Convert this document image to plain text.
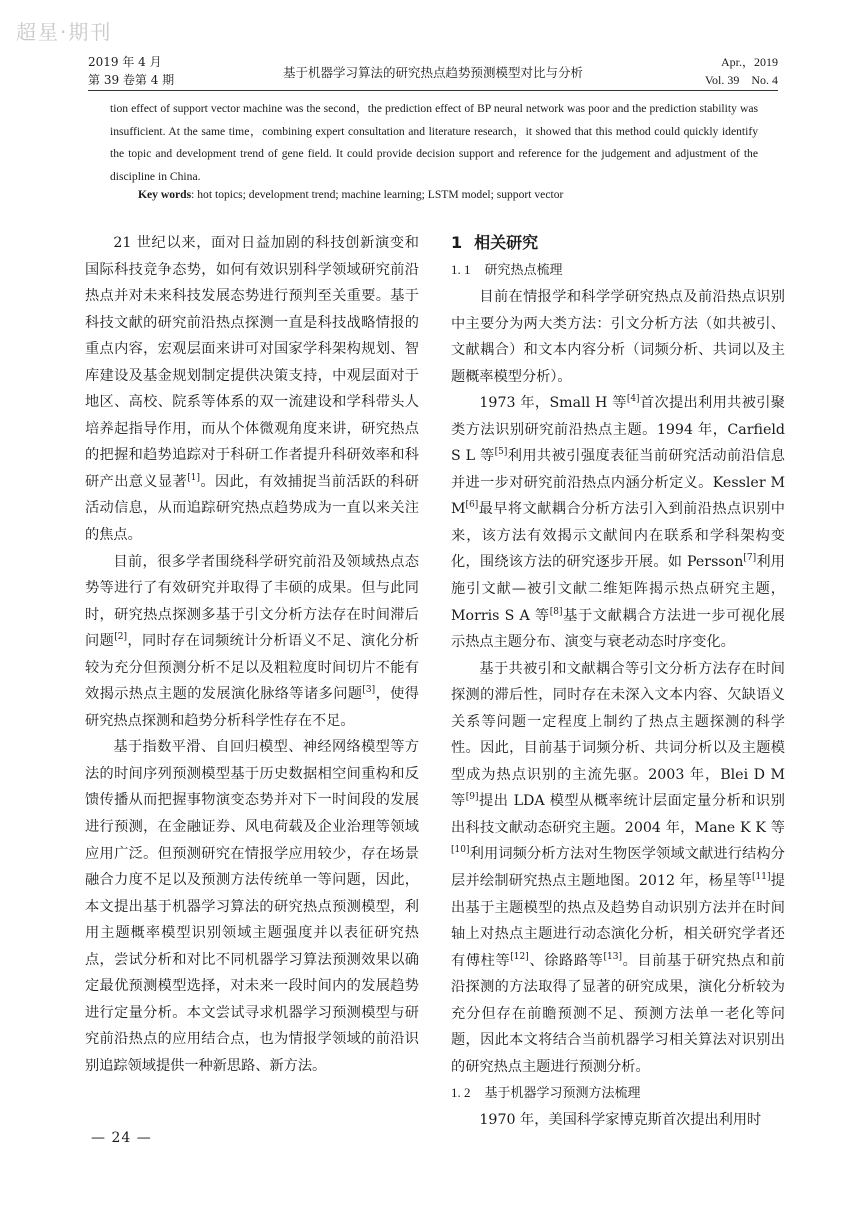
超星·期刊
2019 年 4 月
第 39 卷第 4 期	基于机器学习算法的研究热点趋势预测模型对比与分析
Apr.，2019
Vol. 39　No. 4

tion effect of support vector machine was the second，the prediction effect of BP neural network was poor and the prediction stability was insufficient. At the same time，combining expert consultation and literature research，it showed that this method could quickly identify the topic and development trend of gene field. It could provide decision support and reference for the judgement and adjustment of the discipline in China.

Key words: hot topics; development trend; machine learning; LSTM model; support vector

21 世纪以来，面对日益加剧的科技创新演变和国际科技竞争态势，如何有效识别科学领域研究前沿热点并对未来科技发展态势进行预判至关重要。基于科技文献的研究前沿热点探测一直是科技战略情报的重点内容，宏观层面来讲可对国家学科架构规划、智库建设及基金规划制定提供决策支持，中观层面对于地区、高校、院系等体系的双一流建设和学科带头人培养起指导作用，而从个体微观角度来讲，研究热点的把握和趋势追踪对于科研工作者提升科研效率和科研产出意义显著[1]。因此，有效捕捉当前活跃的科研活动信息，从而追踪研究热点趋势成为一直以来关注的焦点。

目前，很多学者围绕科学研究前沿及领域热点态势等进行了有效研究并取得了丰硕的成果。但与此同时，研究热点探测多基于引文分析方法存在时间滞后问题[2]，同时存在词频统计分析语义不足、演化分析较为充分但预测分析不足以及粗粒度时间切片不能有效揭示热点主题的发展演化脉络等诸多问题[3]，使得研究热点探测和趋势分析科学性存在不足。

基于指数平滑、自回归模型、神经网络模型等方法的时间序列预测模型基于历史数据相空间重构和反馈传播从而把握事物演变态势并对下一时间段的发展进行预测，在金融证券、风电荷载及企业治理等领域应用广泛。但预测研究在情报学应用较少，存在场景融合力度不足以及预测方法传统单一等问题，因此，本文提出基于机器学习算法的研究热点预测模型，利用主题概率模型识别领域主题强度并以表征研究热点，尝试分析和对比不同机器学习算法预测效果以确定最优预测模型选择，对未来一段时间内的发展趋势进行定量分析。本文尝试寻求机器学习预测模型与研究前沿热点的应用结合点，也为情报学领域的前沿识别追踪领域提供一种新思路、新方法。

1 相关研究
1. 1 研究热点梳理

目前在情报学和科学学研究热点及前沿热点识别中主要分为两大类方法：引文分析方法（如共被引、文献耦合）和文本内容分析（词频分析、共词以及主题概率模型分析）。

1973 年，Small H 等[4]首次提出利用共被引聚类方法识别研究前沿热点主题。1994 年，Carfield S L 等[5]利用共被引强度表征当前研究活动前沿信息并进一步对研究前沿热点内涵分析定义。Kessler M M[6]最早将文献耦合分析方法引入到前沿热点识别中来，该方法有效揭示文献间内在联系和学科架构变化，围绕该方法的研究逐步开展。如 Persson[7]利用施引文献—被引文献二维矩阵揭示热点研究主题，Morris S A 等[8]基于文献耦合方法进一步可视化展示热点主题分布、演变与衰老动态时序变化。

基于共被引和文献耦合等引文分析方法存在时间探测的滞后性，同时存在未深入文本内容、欠缺语义关系等问题一定程度上制约了热点主题探测的科学性。因此，目前基于词频分析、共词分析以及主题模型成为热点识别的主流先驱。2003 年，Blei D M 等[9]提出 LDA 模型从概率统计层面定量分析和识别出科技文献动态研究主题。2004 年，Mane K K 等[10]利用词频分析方法对生物医学领域文献进行结构分层并绘制研究热点主题地图。2012 年，杨星等[11]提出基于主题模型的热点及趋势自动识别方法并在时间轴上对热点主题进行动态演化分析，相关研究学者还有傅柱等[12]、徐路路等[13]。目前基于研究热点和前沿探测的方法取得了显著的研究成果，演化分析较为充分但存在前瞻预测不足、预测方法单一老化等问题，因此本文将结合当前机器学习相关算法对识别出的研究热点主题进行预测分析。

1. 2 基于机器学习预测方法梳理

1970 年，美国科学家博克斯首次提出利用时

— 24 —
